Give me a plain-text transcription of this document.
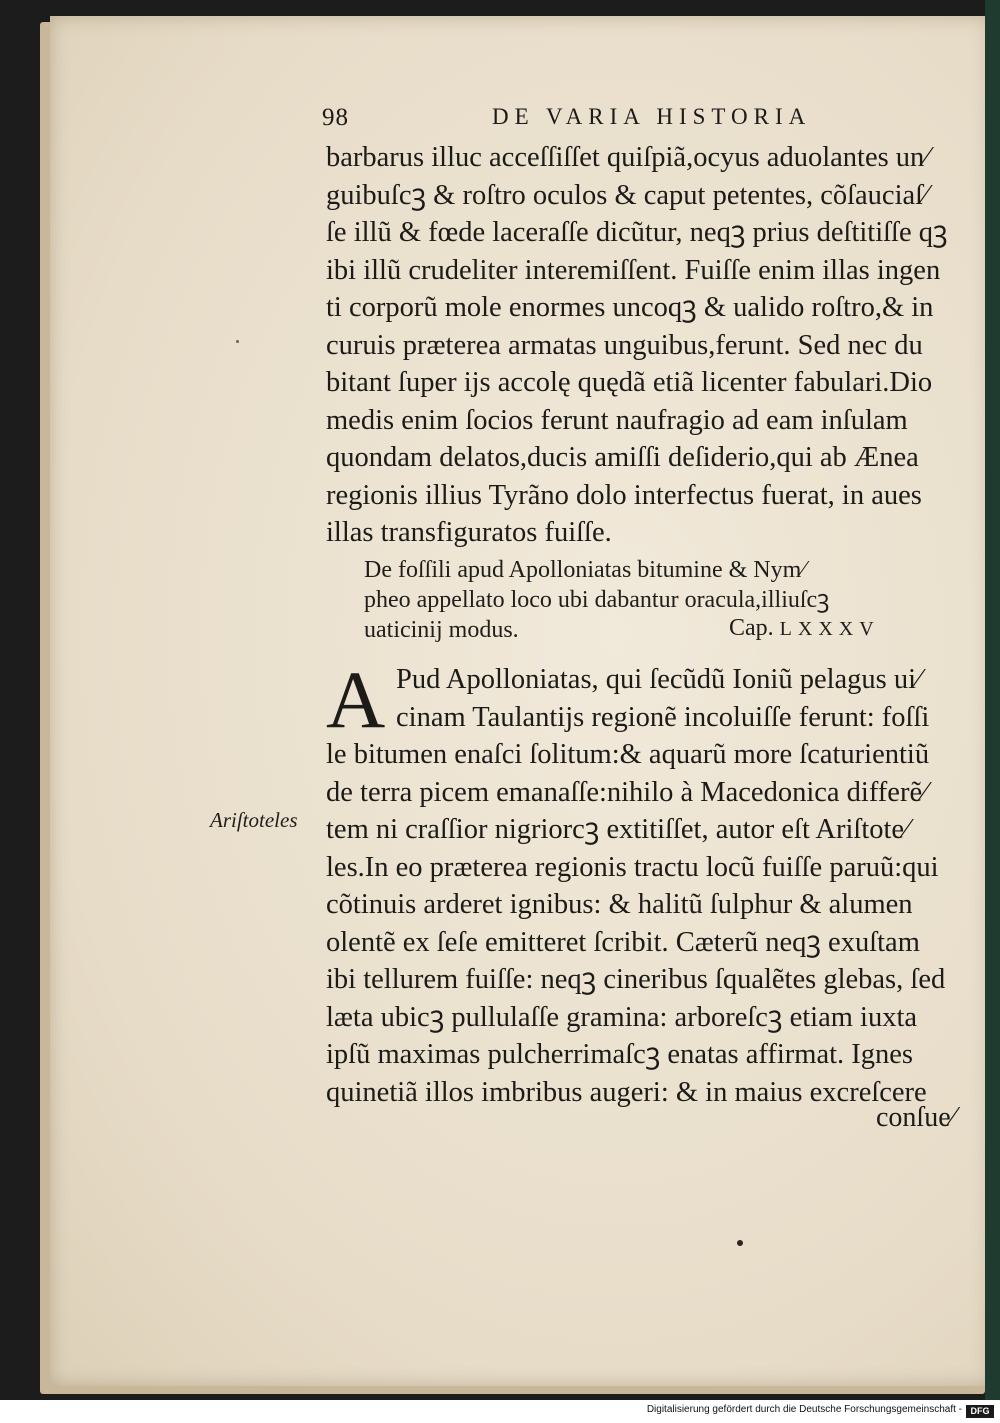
98	DE VARIA HISTORIA
barbarus illuc acceſſiſſet quiſpiã,ocyus aduolantes un⁄
guibuſcꝫ & roſtro oculos & caput petentes, cõſauciaſ⁄
ſe illũ & fœde laceraſſe dicũtur, neqꝫ prius deſtitiſſe qꝫ
ibi illũ crudeliter interemiſſent. Fuiſſe enim illas ingen
ti corporũ mole enormes uncoqꝫ & ualido roſtro,& in
curuis prӕterea armatas unguibus,ferunt. Sed nec du
bitant ſuper ijs accolę quędã etiã licenter fabulari.Dio
medis enim ſocios ferunt naufragio ad eam inſulam
quondam delatos,ducis amiſſi deſiderio,qui ab Ӕnea
regionis illius Tyrãno dolo interfectus fuerat, in aues
illas transfiguratos fuiſſe.
De foſſili apud Apolloniatas bitumine & Nym⁄
pheo appellato loco ubi dabantur oracula,illiuſcꝫ
uaticinij modus.	Cap. LXXXV
A Pud Apolloniatas, qui ſecũdũ Ioniũ pelagus ui⁄
cinam Taulantijs regionẽ incoluiſſe ferunt: foſſi
le bitumen enaſci ſolitum:& aquarũ more ſcaturientiũ
de terra picem emanaſſe:nihilo à Macedonica differẽ⁄
tem ni craſſior nigriorcꝫ extitiſſet, autor eſt Ariſtote⁄
les.In eo prӕterea regionis tractu locũ fuiſſe paruũ:qui
cõtinuis arderet ignibus: & halitũ ſulphur & alumen
olentẽ ex ſeſe emitteret ſcribit. Cӕterũ neqꝫ exuſtam
ibi tellurem fuiſſe: neqꝫ cineribus ſqualẽtes glebas, ſed
lӕta ubicꝫ pullulaſſe gramina: arboreſcꝫ etiam iuxta
ipſũ maximas pulcherrimaſcꝫ enatas affirmat. Ignes
quinetiã illos imbribus augeri: & in maius excreſcere
Ariſtoteles
conſue⁄
Digitalisierung gefördert durch die Deutsche Forschungsgemeinschaft - DFG
